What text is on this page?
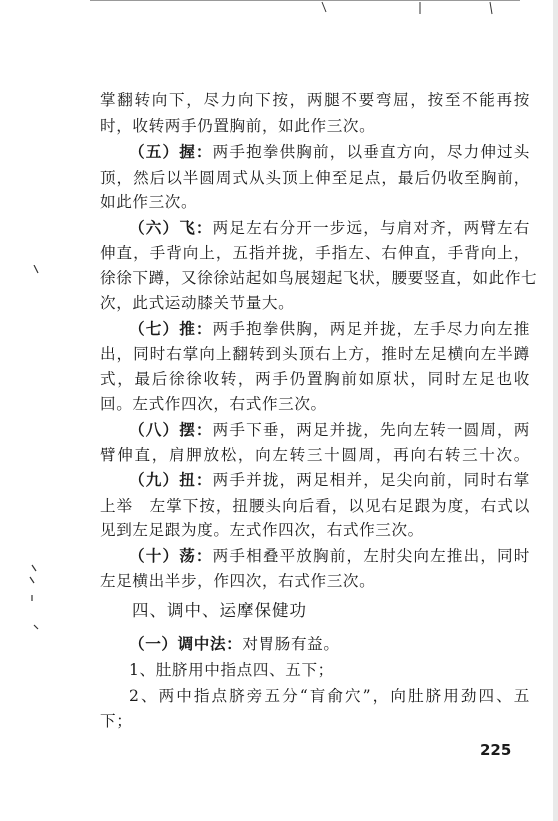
掌翻转向下，尽力向下按，两腿不要弯屈，按至不能再按
时，收转两手仍置胸前，如此作三次。
（五）握：两手抱拳供胸前，以垂直方向，尽力伸过头
顶，然后以半圆周式从头顶上伸至足点，最后仍收至胸前，
如此作三次。
（六）飞：两足左右分开一步远，与肩对齐，两臂左右
伸直，手背向上，五指并拢，手指左、右伸直，手背向上，
徐徐下蹲，又徐徐站起如鸟展翅起飞状，腰要竖直，如此作七
次，此式运动膝关节量大。
（七）推：两手抱拳供胸，两足并拢，左手尽力向左推
出，同时右掌向上翻转到头顶右上方，推时左足横向左半蹲
式，最后徐徐收转，两手仍置胸前如原状，同时左足也收
回。左式作四次，右式作三次。
（八）摆：两手下垂，两足并拢，先向左转一圆周，两
臂伸直，肩胛放松，向左转三十圆周，再向右转三十次。
（九）扭：两手并拢，两足相并，足尖向前，同时右掌
上举　左掌下按，扭腰头向后看，以见右足跟为度，右式以
见到左足跟为度。左式作四次，右式作三次。
（十）荡：两手相叠平放胸前，左肘尖向左推出，同时
左足横出半步，作四次，右式作三次。
四、调中、运摩保健功
（一）调中法：对胃肠有益。
1、肚脐用中指点四、五下；
2、两中指点脐旁五分“肓俞穴”，向肚脐用劲四、五
下；
225
